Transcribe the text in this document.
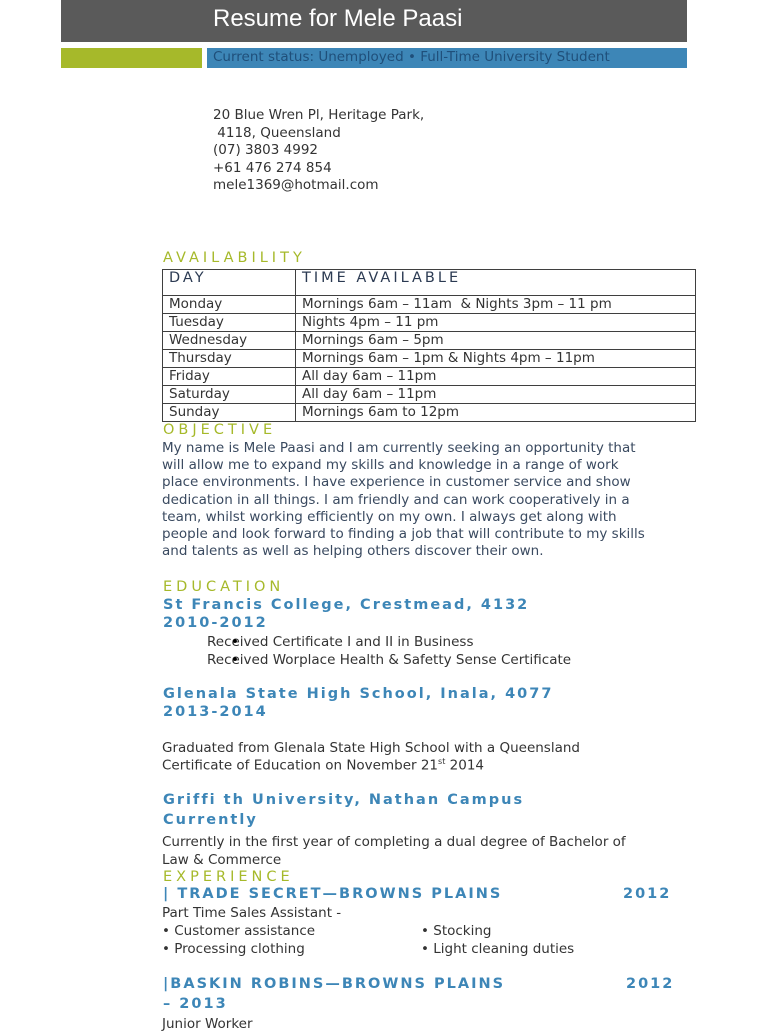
Resume for Mele Paasi
Current status: Unemployed • Full-Time University Student
20 Blue Wren Pl, Heritage Park,
4118, Queensland
(07) 3803 4992
+61 476 274 854
mele1369@hotmail.com
AVAILABILITY
DAY	TIME AVAILABLE
Monday	Mornings 6am – 11am  & Nights 3pm – 11 pm
Tuesday	Nights 4pm – 11 pm
Wednesday	Mornings 6am – 5pm
Thursday	Mornings 6am – 1pm & Nights 4pm – 11pm
Friday	All day 6am – 11pm
Saturday	All day 6am – 11pm
Sunday	Mornings 6am to 12pm
OBJECTIVE
My name is Mele Paasi and I am currently seeking an opportunity that
will allow me to expand my skills and knowledge in a range of work
place environments. I have experience in customer service and show
dedication in all things. I am friendly and can work cooperatively in a
team, whilst working efficiently on my own. I always get along with
people and look forward to finding a job that will contribute to my skills
and talents as well as helping others discover their own.
EDUCATION
St Francis College, Crestmead, 4132
2010-2012
• Received Certificate I and II in Business
• Received Worplace Health & Safetty Sense Certificate
Glenala State High School, Inala, 4077
2013-2014
Graduated from Glenala State High School with a Queensland
Certificate of Education on November 21st 2014
Griffi th University, Nathan Campus
Currently
Currently in the first year of completing a dual degree of Bachelor of
Law & Commerce
EXPERIENCE
| TRADE SECRET—BROWNS PLAINS	2012
Part Time Sales Assistant -
• Customer assistance	• Stocking
• Processing clothing	• Light cleaning duties
|BASKIN ROBINS—BROWNS PLAINS	2012
– 2013
Junior Worker
